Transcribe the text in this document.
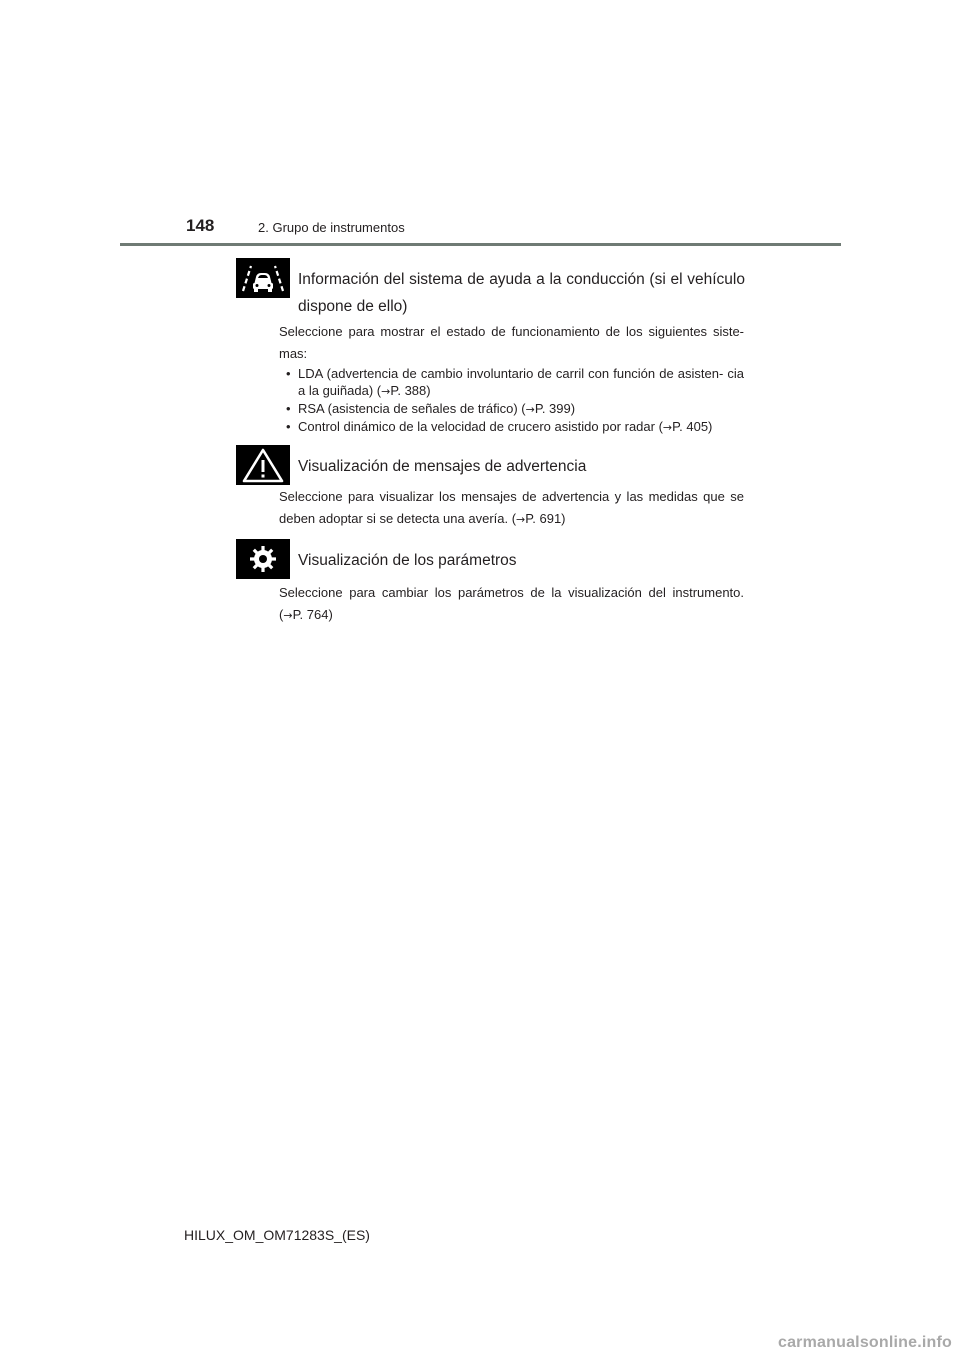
148	2. Grupo de instrumentos
Información del sistema de ayuda a la conducción (si el vehículo dispone de ello)
Seleccione para mostrar el estado de funcionamiento de los siguientes siste-
mas:
• LDA (advertencia de cambio involuntario de carril con función de asisten- cia a la guiñada) (→P. 388)
• RSA (asistencia de señales de tráfico) (→P. 399)
• Control dinámico de la velocidad de crucero asistido por radar (→P. 405)
Visualización de mensajes de advertencia
Seleccione para visualizar los mensajes de advertencia y las medidas que se deben adoptar si se detecta una avería. (→P. 691)
Visualización de los parámetros
Seleccione para cambiar los parámetros de la visualización del instrumento. (→P. 764)
HILUX_OM_OM71283S_(ES)
carmanualsonline.info
